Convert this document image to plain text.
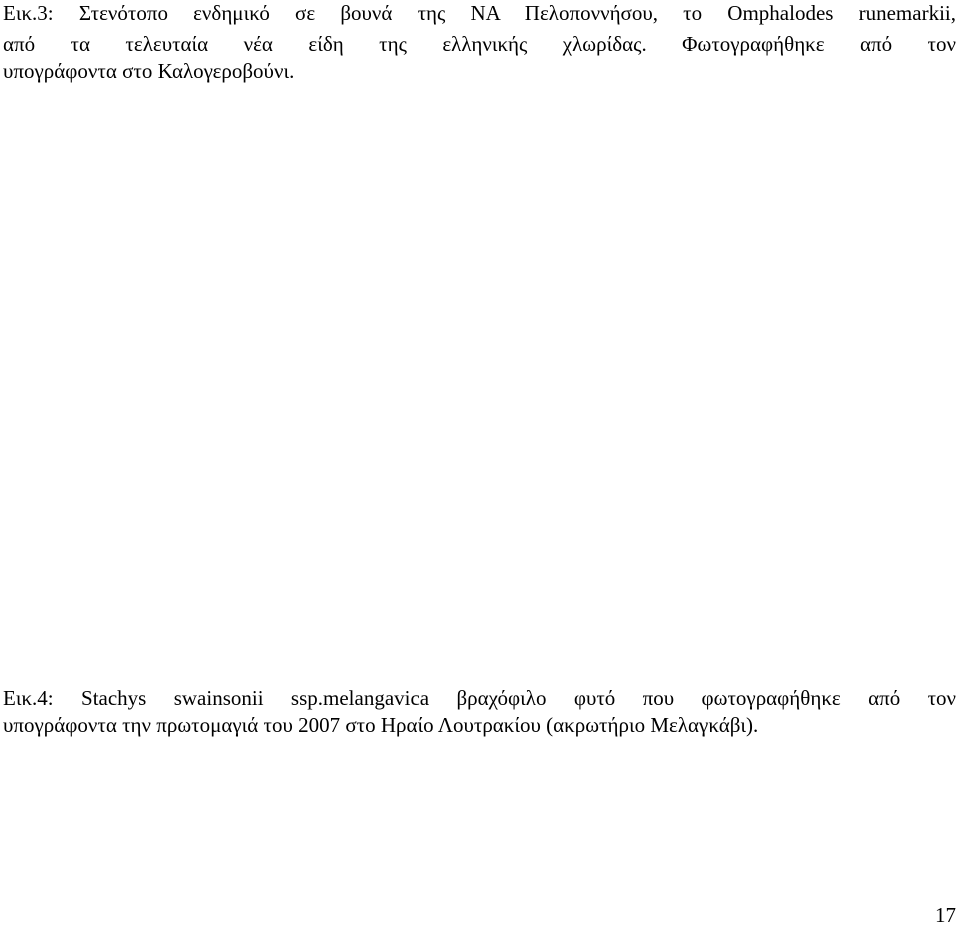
Εικ.3: Στενότοπο ενδημικό σε βουνά της ΝΑ Πελοποννήσου, το Omphalodes runemarkii,
από τα τελευταία νέα είδη της ελληνικής χλωρίδας. Φωτογραφήθηκε από τον
υπογράφοντα στο Καλογεροβούνι.
Εικ.4: Stachys swainsonii ssp.melangavica βραχόφιλο φυτό που φωτογραφήθηκε από τον
υπογράφοντα την πρωτομαγιά του 2007 στο Ηραίο Λουτρακίου (ακρωτήριο Μελαγκάβι).
17
